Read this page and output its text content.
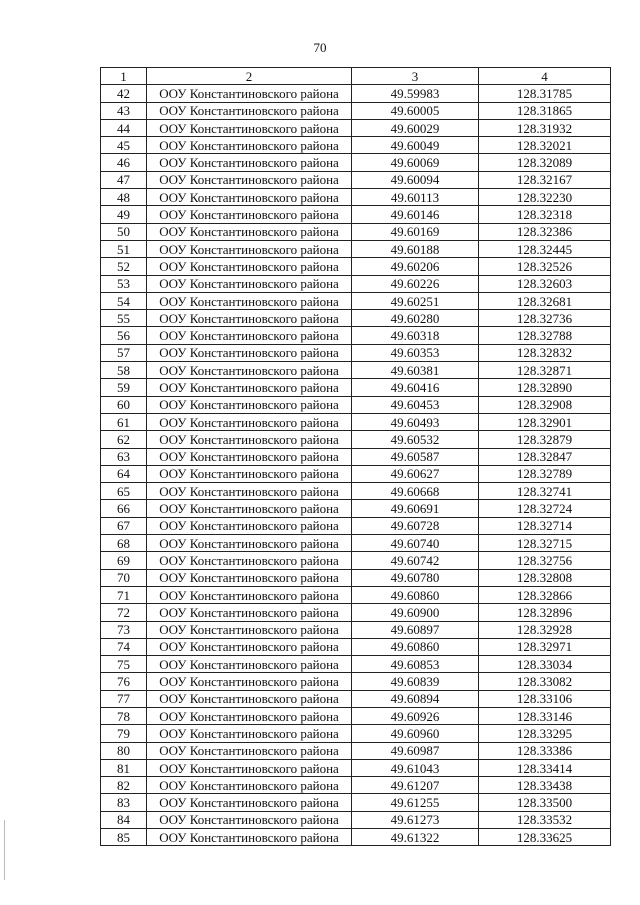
70
1	2	3	4
42	ООУ Константиновского района	49.59983	128.31785
43	ООУ Константиновского района	49.60005	128.31865
44	ООУ Константиновского района	49.60029	128.31932
45	ООУ Константиновского района	49.60049	128.32021
46	ООУ Константиновского района	49.60069	128.32089
47	ООУ Константиновского района	49.60094	128.32167
48	ООУ Константиновского района	49.60113	128.32230
49	ООУ Константиновского района	49.60146	128.32318
50	ООУ Константиновского района	49.60169	128.32386
51	ООУ Константиновского района	49.60188	128.32445
52	ООУ Константиновского района	49.60206	128.32526
53	ООУ Константиновского района	49.60226	128.32603
54	ООУ Константиновского района	49.60251	128.32681
55	ООУ Константиновского района	49.60280	128.32736
56	ООУ Константиновского района	49.60318	128.32788
57	ООУ Константиновского района	49.60353	128.32832
58	ООУ Константиновского района	49.60381	128.32871
59	ООУ Константиновского района	49.60416	128.32890
60	ООУ Константиновского района	49.60453	128.32908
61	ООУ Константиновского района	49.60493	128.32901
62	ООУ Константиновского района	49.60532	128.32879
63	ООУ Константиновского района	49.60587	128.32847
64	ООУ Константиновского района	49.60627	128.32789
65	ООУ Константиновского района	49.60668	128.32741
66	ООУ Константиновского района	49.60691	128.32724
67	ООУ Константиновского района	49.60728	128.32714
68	ООУ Константиновского района	49.60740	128.32715
69	ООУ Константиновского района	49.60742	128.32756
70	ООУ Константиновского района	49.60780	128.32808
71	ООУ Константиновского района	49.60860	128.32866
72	ООУ Константиновского района	49.60900	128.32896
73	ООУ Константиновского района	49.60897	128.32928
74	ООУ Константиновского района	49.60860	128.32971
75	ООУ Константиновского района	49.60853	128.33034
76	ООУ Константиновского района	49.60839	128.33082
77	ООУ Константиновского района	49.60894	128.33106
78	ООУ Константиновского района	49.60926	128.33146
79	ООУ Константиновского района	49.60960	128.33295
80	ООУ Константиновского района	49.60987	128.33386
81	ООУ Константиновского района	49.61043	128.33414
82	ООУ Константиновского района	49.61207	128.33438
83	ООУ Константиновского района	49.61255	128.33500
84	ООУ Константиновского района	49.61273	128.33532
85	ООУ Константиновского района	49.61322	128.33625
